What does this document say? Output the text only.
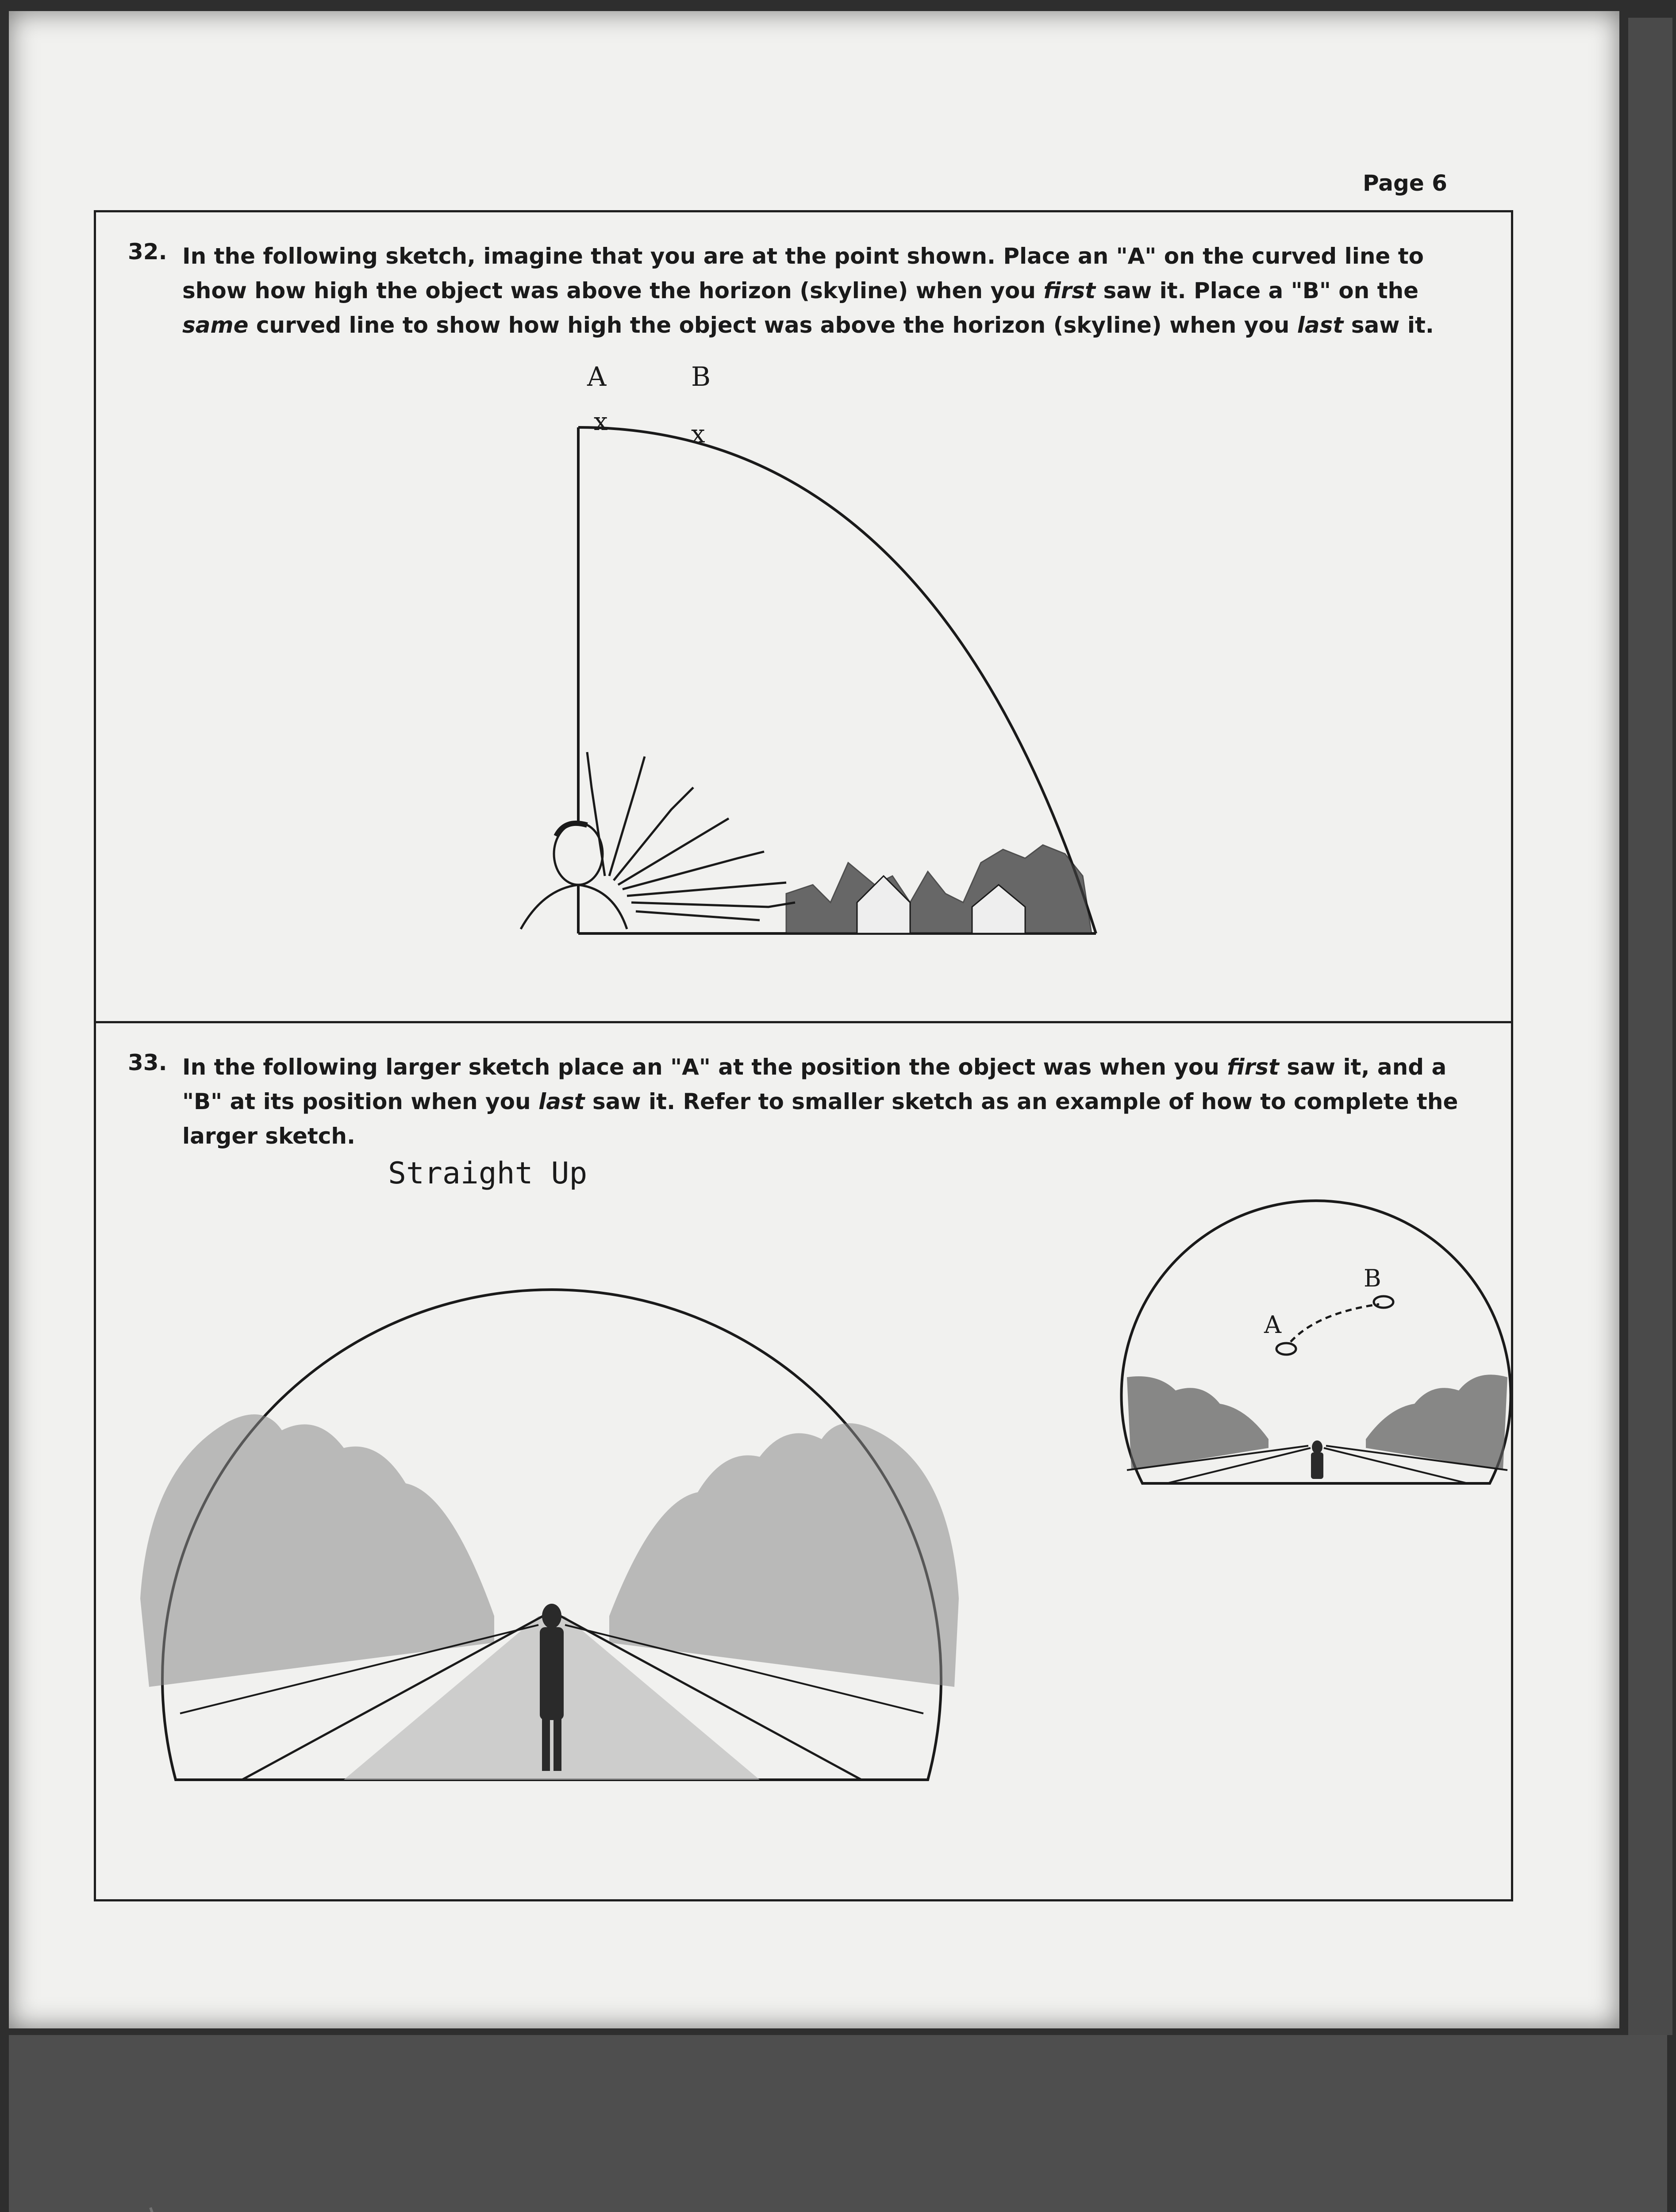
Page 6
32. In the following sketch, imagine that you are at the point shown. Place an "A" on the curved line to show how high the object was above the horizon (skyline) when you first saw it. Place a "B" on the same curved line to show how high the object was above the horizon (skyline) when you last saw it.

A	B
x	x
33. In the following larger sketch place an "A" at the position the object was when you first saw it, and a "B" at its position when you last saw it. Refer to smaller sketch as an example of how to complete the larger sketch.

Straight Up
A
B
